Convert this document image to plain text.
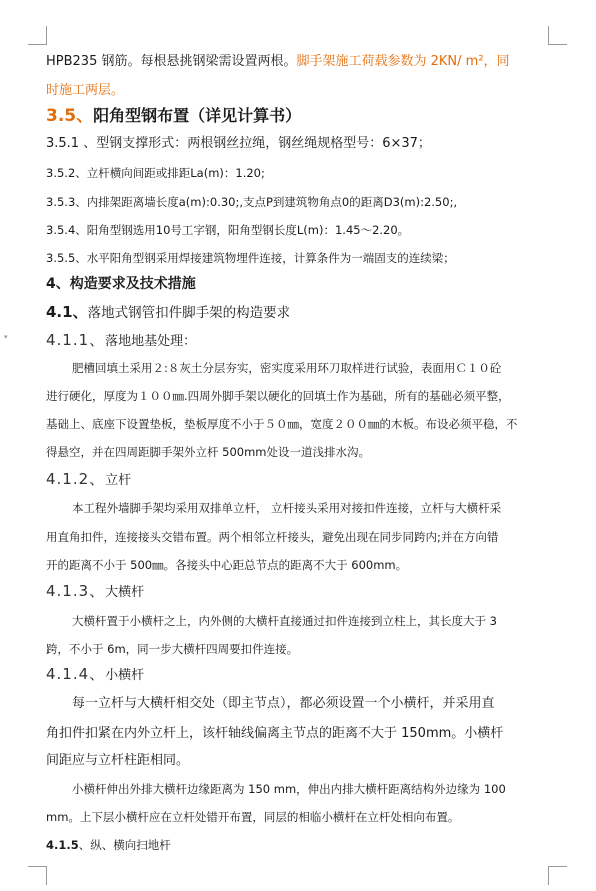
▾
HPB235 钢筋。每根悬挑钢梁需设置两根。脚手架施工荷载参数为 2KN/ m²，同
时施工两层。
3.5、阳角型钢布置（详见计算书）
3.5.1 、型钢支撑形式：两根钢丝拉绳，钢丝绳规格型号：6×37；
3.5.2、立杆横向间距或排距La(m)：1.20;
3.5.3、内排架距离墙长度a(m):0.30;,支点P到建筑物角点0的距离D3(m):2.50;,
3.5.4、阳角型钢选用10号工字钢，阳角型钢长度L(m)：1.45～2.20。
3.5.5、水平阳角型钢采用焊接建筑物埋件连接，计算条件为一端固支的连续梁；
4、构造要求及技术措施
4.1、落地式钢管扣件脚手架的构造要求
4.1.1、落地地基处理：
肥槽回填土采用２:８灰土分层夯实，密实度采用环刀取样进行试验，表面用Ｃ１０砼
进行硬化，厚度为１００㎜.四周外脚手架以硬化的回填土作为基础，所有的基础必须平整，
基础上、底座下设置垫板，垫板厚度不小于５０㎜，宽度２００㎜的木板。布设必须平稳，不
得悬空，并在四周距脚手架外立杆 500mm处设一道浅排水沟。
4.1.2、立杆
本工程外墙脚手架均采用双排单立杆， 立杆接头采用对接扣件连接，立杆与大横杆采
用直角扣件，连接接头交错布置。两个相邻立杆接头，避免出现在同步同跨内;并在方向错
开的距离不小于 500㎜。各接头中心距总节点的距离不大于 600mm。
4.1.3、大横杆
大横杆置于小横杆之上，内外侧的大横杆直接通过扣件连接到立柱上，其长度大于 3
跨，不小于 6m，同一步大横杆四周要扣件连接。
4.1.4、小横杆
每一立杆与大横杆相交处（即主节点），都必须设置一个小横杆，并采用直
角扣件扣紧在内外立杆上，该杆轴线偏离主节点的距离不大于 150mm。小横杆
间距应与立杆柱距相同。
小横杆伸出外排大横杆边缘距离为 150 mm，伸出内排大横杆距离结构外边缘为 100
mm。上下层小横杆应在立杆处错开布置，同层的相临小横杆在立杆处相向布置。
4.1.5、纵、横向扫地杆
